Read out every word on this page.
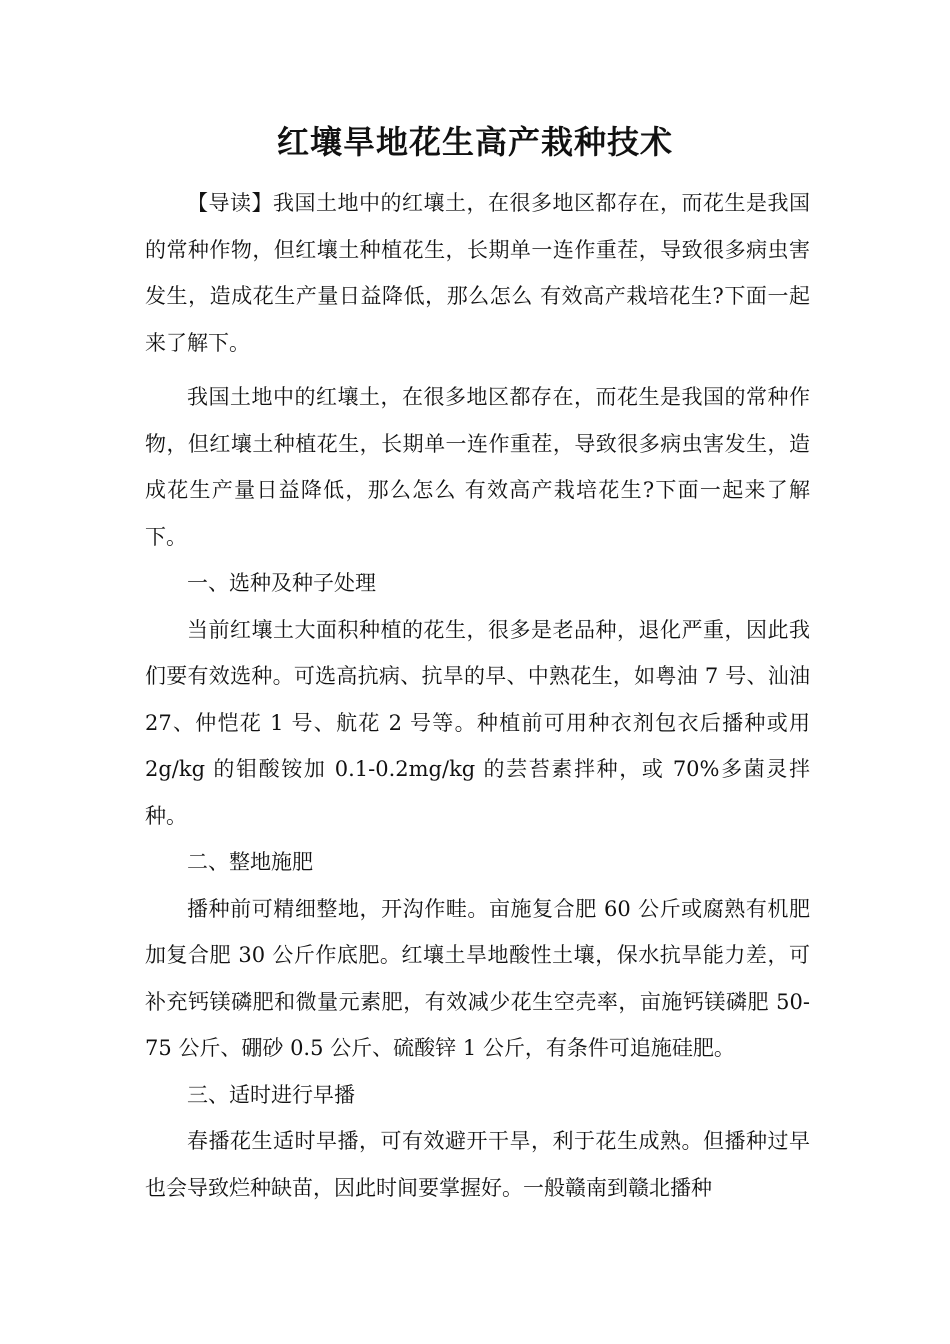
红壤旱地花生高产栽种技术

【导读】我国土地中的红壤土，在很多地区都存在，而花生是我国的常种作物，但红壤土种植花生，长期单一连作重茬，导致很多病虫害发生，造成花生产量日益降低，那么怎么 有效高产栽培花生?下面一起来了解下。

我国土地中的红壤土，在很多地区都存在，而花生是我国的常种作物，但红壤土种植花生，长期单一连作重茬，导致很多病虫害发生，造成花生产量日益降低，那么怎么 有效高产栽培花生?下面一起来了解下。

一、选种及种子处理

当前红壤土大面积种植的花生，很多是老品种，退化严重，因此我们要有效选种。可选高抗病、抗旱的早、中熟花生，如粤油 7 号、汕油 27、仲恺花 1 号、航花 2 号等。种植前可用种衣剂包衣后播种或用 2g/kg 的钼酸铵加 0.1-0.2mg/kg 的芸苔素拌种，或 70%多菌灵拌种。

二、整地施肥

播种前可精细整地，开沟作畦。亩施复合肥 60 公斤或腐熟有机肥加复合肥 30 公斤作底肥。红壤土旱地酸性土壤，保水抗旱能力差，可补充钙镁磷肥和微量元素肥，有效减少花生空壳率，亩施钙镁磷肥 50-75 公斤、硼砂 0.5 公斤、硫酸锌 1 公斤，有条件可追施硅肥。

三、适时进行早播

春播花生适时早播，可有效避开干旱，利于花生成熟。但播种过早也会导致烂种缺苗，因此时间要掌握好。一般赣南到赣北播种
